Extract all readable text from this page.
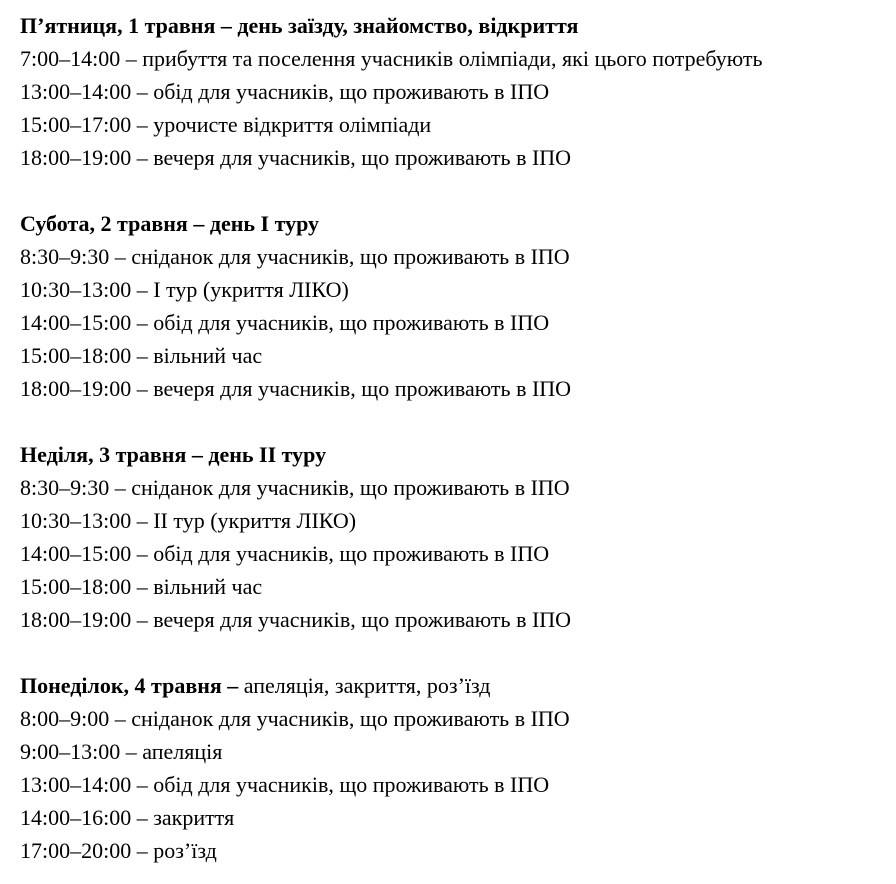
П’ятниця, 1 травня – день заїзду, знайомство, відкриття
7:00–14:00 – прибуття та поселення учасників олімпіади, які цього потребують
13:00–14:00 – обід для учасників, що проживають в ІПО
15:00–17:00 – урочисте відкриття олімпіади
18:00–19:00 – вечеря для учасників, що проживають в ІПО
Субота, 2 травня – день І туру
8:30–9:30 – сніданок для учасників, що проживають в ІПО
10:30–13:00 – І тур (укриття ЛІКО)
14:00–15:00 – обід для учасників, що проживають в ІПО
15:00–18:00 – вільний час
18:00–19:00 – вечеря для учасників, що проживають в ІПО
Неділя, 3 травня – день ІІ туру
8:30–9:30 – сніданок для учасників, що проживають в ІПО
10:30–13:00 – ІІ тур (укриття ЛІКО)
14:00–15:00 – обід для учасників, що проживають в ІПО
15:00–18:00 – вільний час
18:00–19:00 – вечеря для учасників, що проживають в ІПО
Понеділок, 4 травня – апеляція, закриття, роз’їзд
8:00–9:00 – сніданок для учасників, що проживають в ІПО
9:00–13:00 – апеляція
13:00–14:00 – обід для учасників, що проживають в ІПО
14:00–16:00 – закриття
17:00–20:00 – роз’їзд
